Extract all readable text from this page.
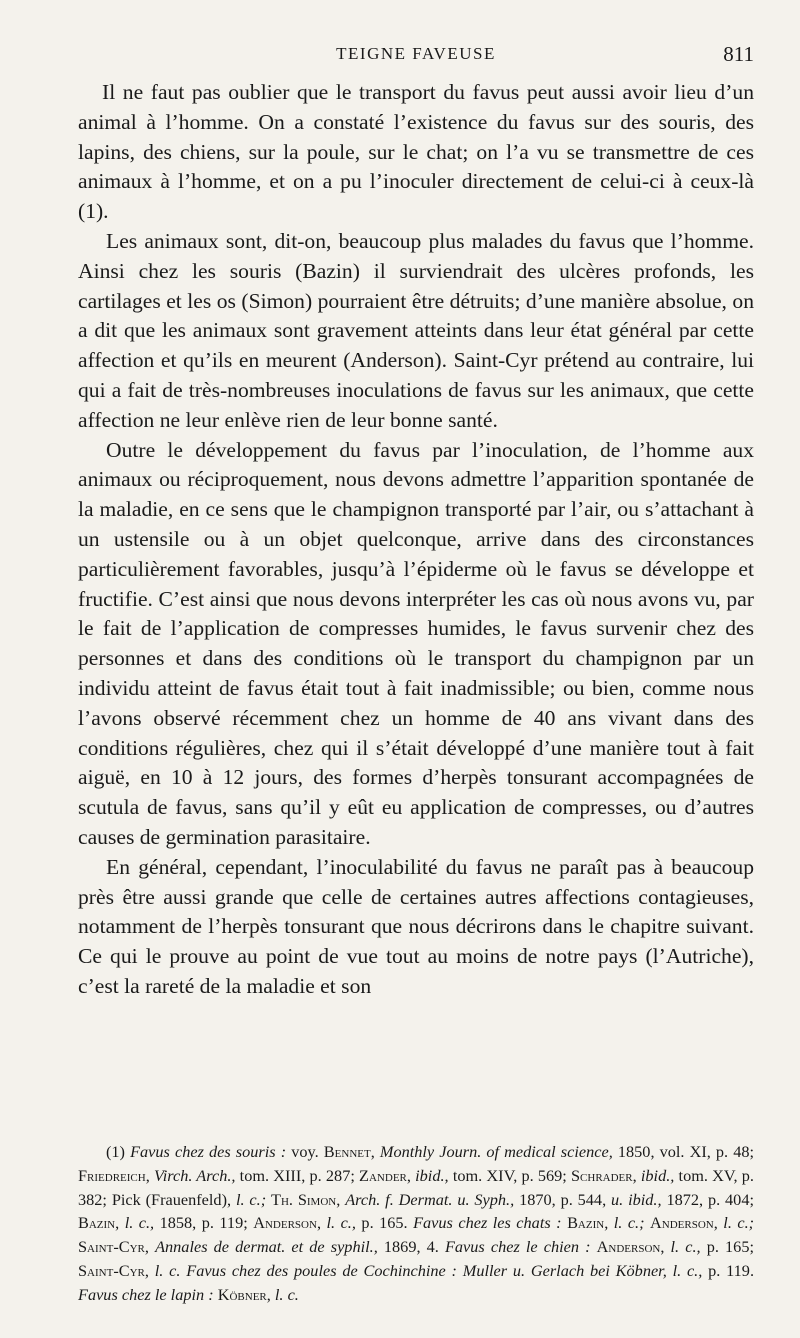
TEIGNE FAVEUSE	811

Il ne faut pas oublier que le transport du favus peut aussi avoir lieu d’un animal à l’homme. On a constaté l’existence du favus sur des souris, des lapins, des chiens, sur la poule, sur le chat; on l’a vu se transmettre de ces animaux à l’homme, et on a pu l’inoculer directement de celui-ci à ceux-là (1).

Les animaux sont, dit-on, beaucoup plus malades du favus que l’homme. Ainsi chez les souris (Bazin) il surviendrait des ulcères profonds, les cartilages et les os (Simon) pourraient être détruits; d’une manière absolue, on a dit que les animaux sont gravement atteints dans leur état général par cette affection et qu’ils en meurent (Anderson). Saint-Cyr prétend au contraire, lui qui a fait de très-nombreuses inoculations de favus sur les animaux, que cette affection ne leur enlève rien de leur bonne santé.

Outre le développement du favus par l’inoculation, de l’homme aux animaux ou réciproquement, nous devons admettre l’apparition spontanée de la maladie, en ce sens que le champignon transporté par l’air, ou s’attachant à un ustensile ou à un objet quelconque, arrive dans des circonstances particulièrement favorables, jusqu’à l’épiderme où le favus se développe et fructifie. C’est ainsi que nous devons interpréter les cas où nous avons vu, par le fait de l’application de compresses humides, le favus survenir chez des personnes et dans des conditions où le transport du champignon par un individu atteint de favus était tout à fait inadmissible; ou bien, comme nous l’avons observé récemment chez un homme de 40 ans vivant dans des conditions régulières, chez qui il s’était développé d’une manière tout à fait aiguë, en 10 à 12 jours, des formes d’herpès tonsurant accompagnées de scutula de favus, sans qu’il y eût eu application de compresses, ou d’autres causes de germination parasitaire.

En général, cependant, l’inoculabilité du favus ne paraît pas à beaucoup près être aussi grande que celle de certaines autres affections contagieuses, notamment de l’herpès tonsurant que nous décrirons dans le chapitre suivant. Ce qui le prouve au point de vue tout au moins de notre pays (l’Autriche), c’est la rareté de la maladie et son

(1) Favus chez des souris : voy. Bennet, Monthly Journ. of medical science, 1850, vol. XI, p. 48; Friedreich, Virch. Arch., tom. XIII, p. 287; Zander, ibid., tom. XIV, p. 569; Schrader, ibid., tom. XV, p. 382; Pick (Frauenfeld), l. c.; Th. Simon, Arch. f. Dermat. u. Syph., 1870, p. 544, u. ibid., 1872, p. 404; Bazin, l. c., 1858, p. 119; Anderson, l. c., p. 165. Favus chez les chats : Bazin, l. c.; Anderson, l. c.; Saint-Cyr, Annales de dermat. et de syphil., 1869, 4. Favus chez le chien : Anderson, l. c., p. 165; Saint-Cyr, l. c. Favus chez des poules de Cochinchine : Muller u. Gerlach bei Köbner, l. c., p. 119. Favus chez le lapin : Köbner, l. c.
